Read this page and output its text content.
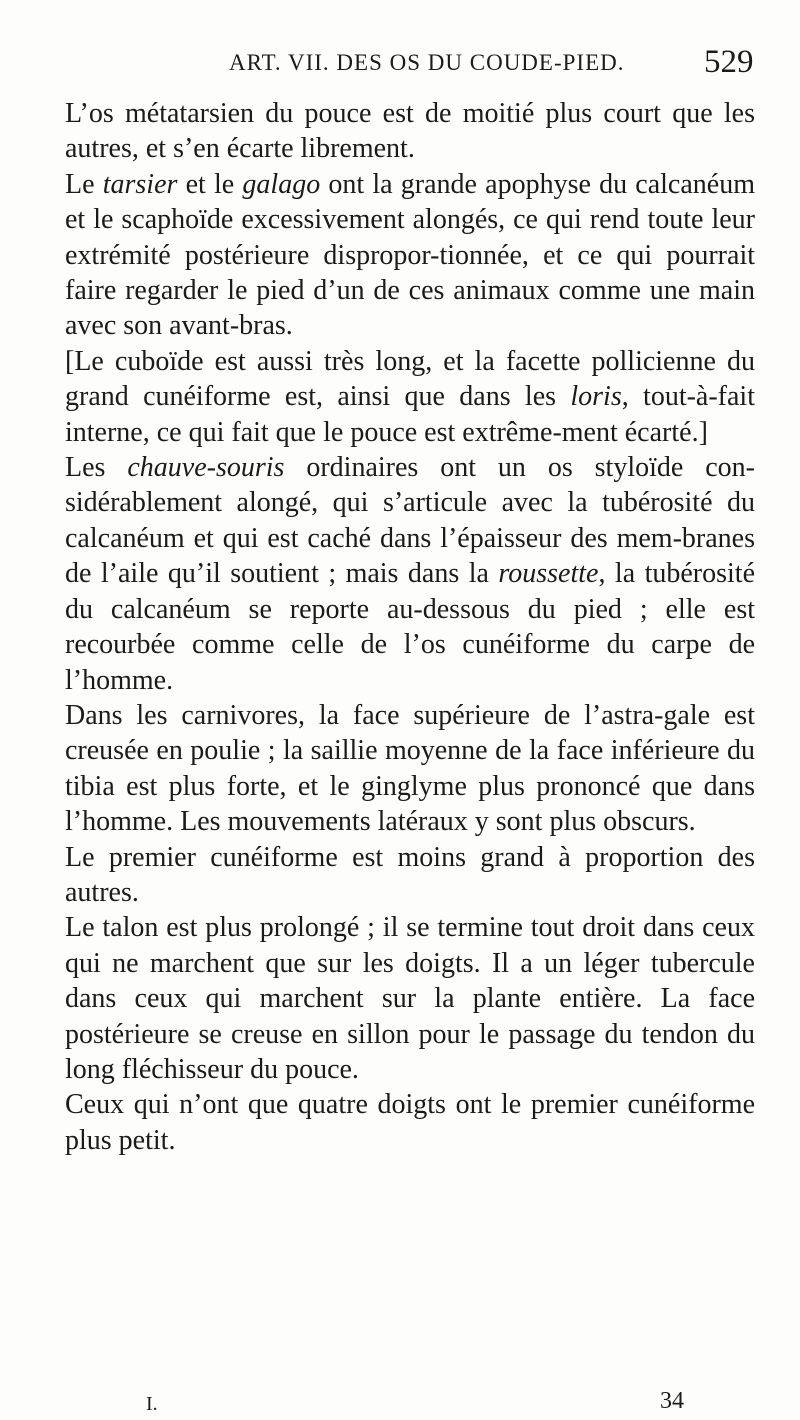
ART. VII. DES OS DU COUDE-PIED. 529

L’os métatarsien du pouce est de moitié plus court que les autres, et s’en écarte librement.

Le tarsier et le galago ont la grande apophyse du calcanéum et le scaphoïde excessivement alongés, ce qui rend toute leur extrémité postérieure dispropor-tionnée, et ce qui pourrait faire regarder le pied d’un de ces animaux comme une main avec son avant-bras.

[Le cuboïde est aussi très long, et la facette pollicienne du grand cunéiforme est, ainsi que dans les loris, tout-à-fait interne, ce qui fait que le pouce est extrême-ment écarté.]

Les chauve-souris ordinaires ont un os styloïde con-sidérablement alongé, qui s’articule avec la tubérosité du calcanéum et qui est caché dans l’épaisseur des mem-branes de l’aile qu’il soutient ; mais dans la roussette, la tubérosité du calcanéum se reporte au-dessous du pied ; elle est recourbée comme celle de l’os cunéiforme du carpe de l’homme.

Dans les carnivores, la face supérieure de l’astra-gale est creusée en poulie ; la saillie moyenne de la face inférieure du tibia est plus forte, et le ginglyme plus prononcé que dans l’homme. Les mouvements latéraux y sont plus obscurs.

Le premier cunéiforme est moins grand à proportion des autres.

Le talon est plus prolongé ; il se termine tout droit dans ceux qui ne marchent que sur les doigts. Il a un léger tubercule dans ceux qui marchent sur la plante entière. La face postérieure se creuse en sillon pour le passage du tendon du long fléchisseur du pouce.

Ceux qui n’ont que quatre doigts ont le premier cunéiforme plus petit.

I.	34
